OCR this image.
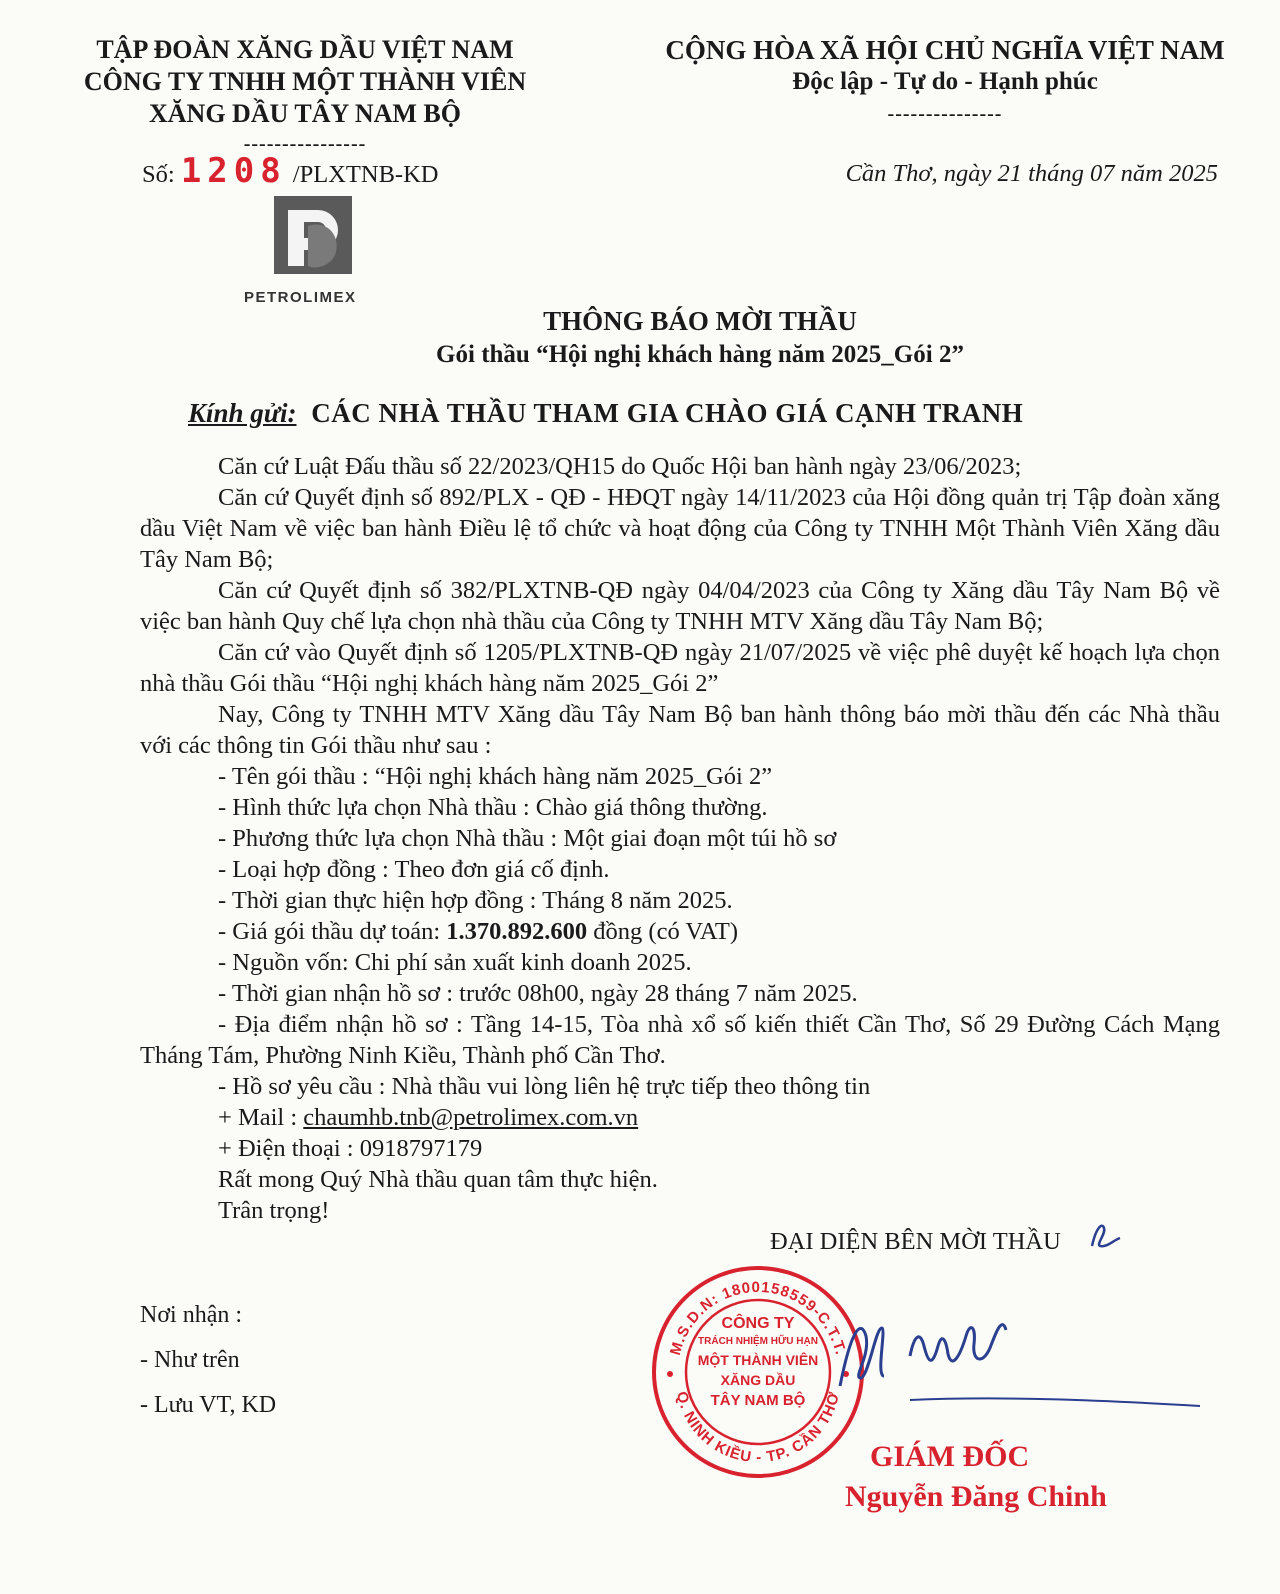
TẬP ĐOÀN XĂNG DẦU VIỆT NAM
CÔNG TY TNHH MỘT THÀNH VIÊN
XĂNG DẦU TÂY NAM BỘ
----------------
CỘNG HÒA XÃ HỘI CHỦ NGHĨA VIỆT NAM
Độc lập - Tự do - Hạnh phúc
---------------
Số: 1208 /PLXTNB-KD	Cần Thơ, ngày 21 tháng 07 năm 2025
PETROLIMEX
THÔNG BÁO MỜI THẦU
Gói thầu “Hội nghị khách hàng năm 2025_Gói 2”
Kính gửi: CÁC NHÀ THẦU THAM GIA CHÀO GIÁ CẠNH TRANH
Căn cứ Luật Đấu thầu số 22/2023/QH15 do Quốc Hội ban hành ngày 23/06/2023;
Căn cứ Quyết định số 892/PLX - QĐ - HĐQT ngày 14/11/2023 của Hội đồng quản trị Tập đoàn xăng dầu Việt Nam về việc ban hành Điều lệ tổ chức và hoạt động của Công ty TNHH Một Thành Viên Xăng dầu Tây Nam Bộ;
Căn cứ Quyết định số 382/PLXTNB-QĐ ngày 04/04/2023 của Công ty Xăng dầu Tây Nam Bộ về việc ban hành Quy chế lựa chọn nhà thầu của Công ty TNHH MTV Xăng dầu Tây Nam Bộ;
Căn cứ vào Quyết định số 1205/PLXTNB-QĐ ngày 21/07/2025 về việc phê duyệt kế hoạch lựa chọn nhà thầu Gói thầu “Hội nghị khách hàng năm 2025_Gói 2”
Nay, Công ty TNHH MTV Xăng dầu Tây Nam Bộ ban hành thông báo mời thầu đến các Nhà thầu với các thông tin Gói thầu như sau :
- Tên gói thầu : “Hội nghị khách hàng năm 2025_Gói 2”
- Hình thức lựa chọn Nhà thầu : Chào giá thông thường.
- Phương thức lựa chọn Nhà thầu : Một giai đoạn một túi hồ sơ
- Loại hợp đồng : Theo đơn giá cố định.
- Thời gian thực hiện hợp đồng : Tháng 8 năm 2025.
- Giá gói thầu dự toán: 1.370.892.600 đồng (có VAT)
- Nguồn vốn: Chi phí sản xuất kinh doanh 2025.
- Thời gian nhận hồ sơ : trước 08h00, ngày 28 tháng 7 năm 2025.
- Địa điểm nhận hồ sơ : Tầng 14-15, Tòa nhà xổ số kiến thiết Cần Thơ, Số 29 Đường Cách Mạng Tháng Tám, Phường Ninh Kiều, Thành phố Cần Thơ.
- Hồ sơ yêu cầu : Nhà thầu vui lòng liên hệ trực tiếp theo thông tin
+ Mail : chaumhb.tnb@petrolimex.com.vn
+ Điện thoại : 0918797179
Rất mong Quý Nhà thầu quan tâm thực hiện.
Trân trọng!
ĐẠI DIỆN BÊN MỜI THẦU
Nơi nhận :
- Như trên
- Lưu VT, KD
M.S.D.N: 1800158559-C.T.T.
Q. NINH KIỀU - TP. CẦN THƠ
CÔNG TY
TRÁCH NHIỆM HỮU HẠN
MỘT THÀNH VIÊN
XĂNG DẦU
TÂY NAM BỘ
GIÁM ĐỐC
Nguyễn Đăng Chinh
